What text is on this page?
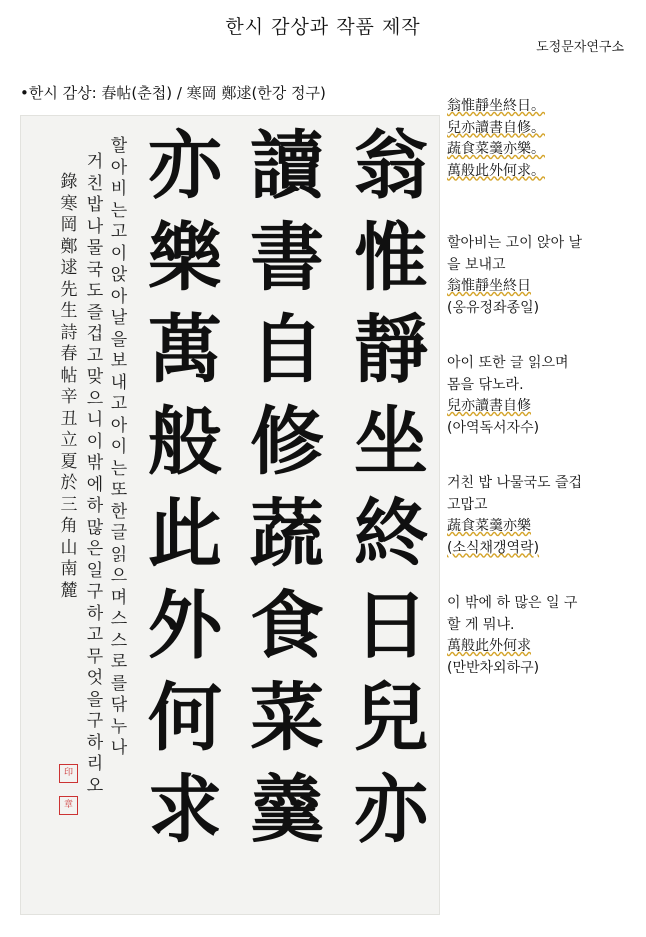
한시 감상과 작품 제작
도정문자연구소
•한시 감상: 春帖(춘첩) / 寒岡 鄭逑(한강 정구)
翁惟靜坐終日兒亦
讀書自修蔬食菜羹
亦樂萬般此外何求
할아비는고이앉아날을보내고아이는또한글읽으며스스로를닦누나
거친밥나물국도즐겁고맞으니이밖에하많은일구하고무엇을구하리오
錄寒岡鄭逑先生詩春帖辛丑立夏於三角山南麓
印
章

翁惟靜坐終日。

兒亦讀書自修。

蔬食菜羹亦樂。

萬般此外何求。

할아비는 고이 앉아 날

을 보내고

翁惟靜坐終日

(옹유정좌종일)

아이 또한 글 읽으며

몸을 닦노라.

兒亦讀書自修

(아역독서자수)

거친 밥 나물국도 즐겁

고맙고

蔬食菜羹亦樂

(소식채갱역락)

이 밖에 하 많은 일 구

할 게 뭐냐.

萬般此外何求

(만반차외하구)
